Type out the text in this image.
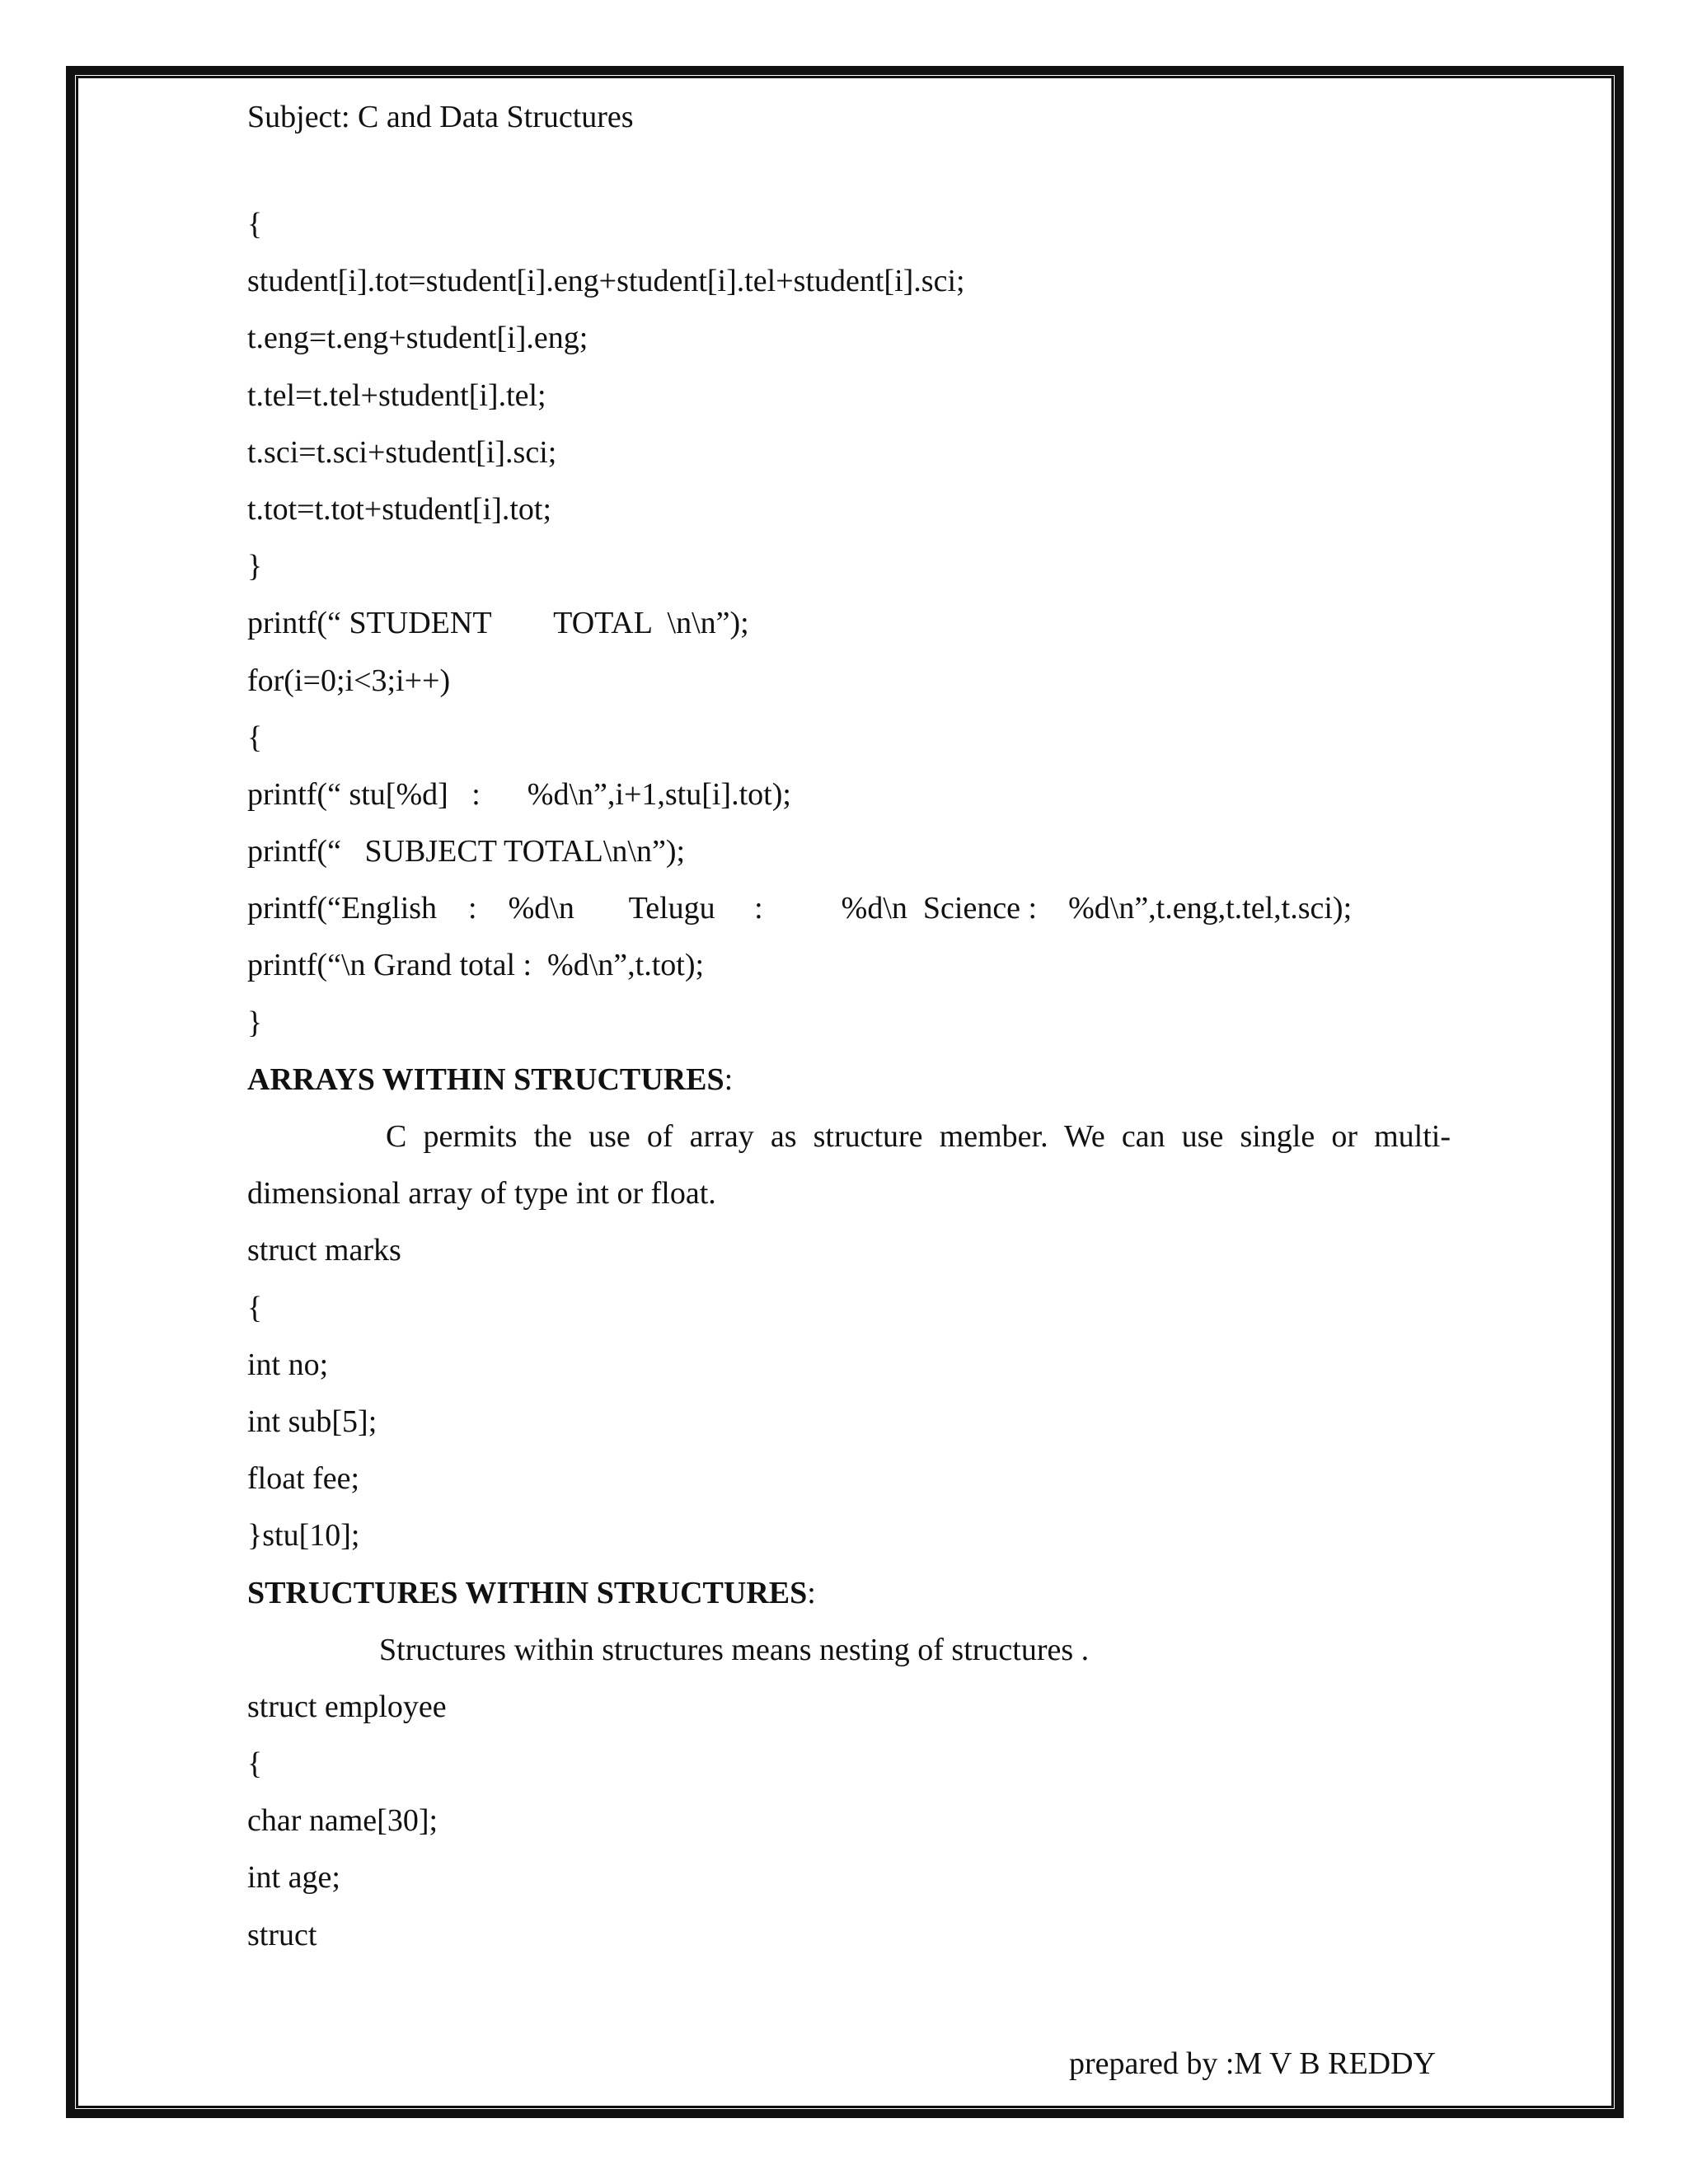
Subject: C and Data Structures
{
student[i].tot=student[i].eng+student[i].tel+student[i].sci;
t.eng=t.eng+student[i].eng;
t.tel=t.tel+student[i].tel;
t.sci=t.sci+student[i].sci;
t.tot=t.tot+student[i].tot;
}
printf(“ STUDENT        TOTAL  \n\n”);
for(i=0;i<3;i++)
{
printf(“ stu[%d]   :      %d\n”,i+1,stu[i].tot);
printf(“   SUBJECT TOTAL\n\n”);
printf(“English    :    %d\n       Telugu     :          %d\n  Science :    %d\n”,t.eng,t.tel,t.sci);
printf(“\n Grand total :  %d\n”,t.tot);
}
ARRAYS WITHIN STRUCTURES:

C permits the use of array as structure member. We can use single or multi-dimensional array of type int or float.

struct marks
{
int no;
int sub[5];
float fee;
}stu[10];
STRUCTURES WITHIN STRUCTURES:
Structures within structures means nesting of structures .
struct employee
{
char name[30];
int age;
struct
prepared by :M V B REDDY
